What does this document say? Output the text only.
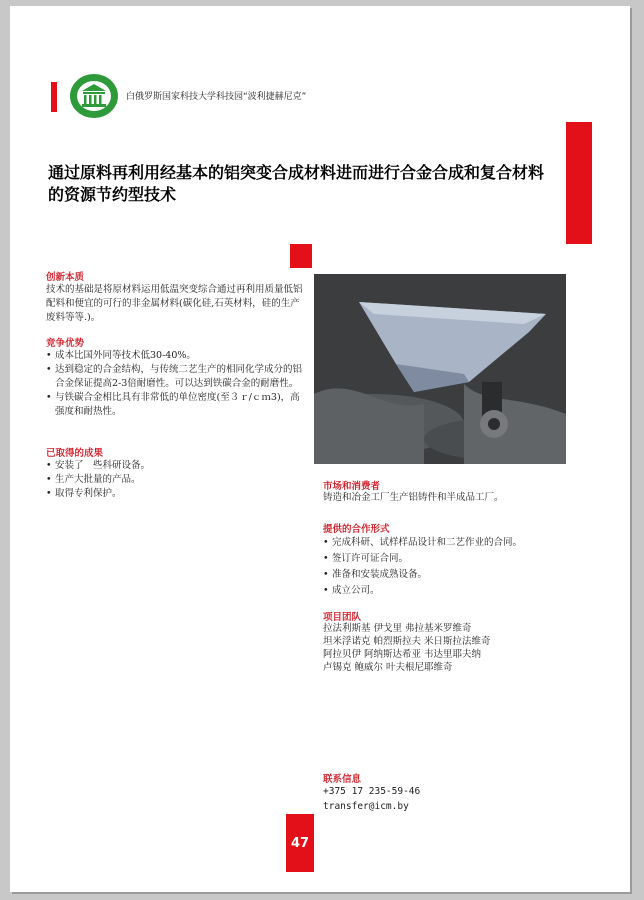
白俄罗斯国家科技大学科技园“波利捷赫尼克”
通过原料再利用经基本的铝突变合成材料进而进行合金合成和复合材料的资源节约型技术
创新本质
技术的基础是将原材料运用低温突变综合通过再利用质量低铝配料和便宜的可行的非金属材料(碳化硅,石英材料，硅的生产废料等等.)。
竞争优势
• 成本比国外同等技术低30-40%。
• 达到稳定的合金结构，与传统二艺生产的相同化学成分的铝合金保证提高2-3倍耐磨性。可以达到铁碳合金的耐磨性。
• 与铁碳合金相比具有非常低的单位密度(至３ｒ/ｃｍ3)，高强度和耐热性。
已取得的成果
• 安装了　些科研设备。
• 生产大批量的产品。
• 取得专利保护。
市场和消费者
铸造和冶金工厂生产铝铸件和半成品工厂。
提供的合作形式
• 完成科研、试样样品设计和二艺作业的合同。
• 签订许可证合同。
• 准备和安装成熟设备。
• 成立公司。
项目团队

拉法利斯基 伊戈里 弗拉基米罗维奇

坦米浮诺克 帕烈斯拉夫 米日斯拉法维奇

阿拉贝伊 阿纳斯达希亚 韦达里耶夫纳

卢锡克 鲍威尔 叶夫根尼耶维奇

联系信息
+375 17 235-59-46
transfer@icm.by
47
